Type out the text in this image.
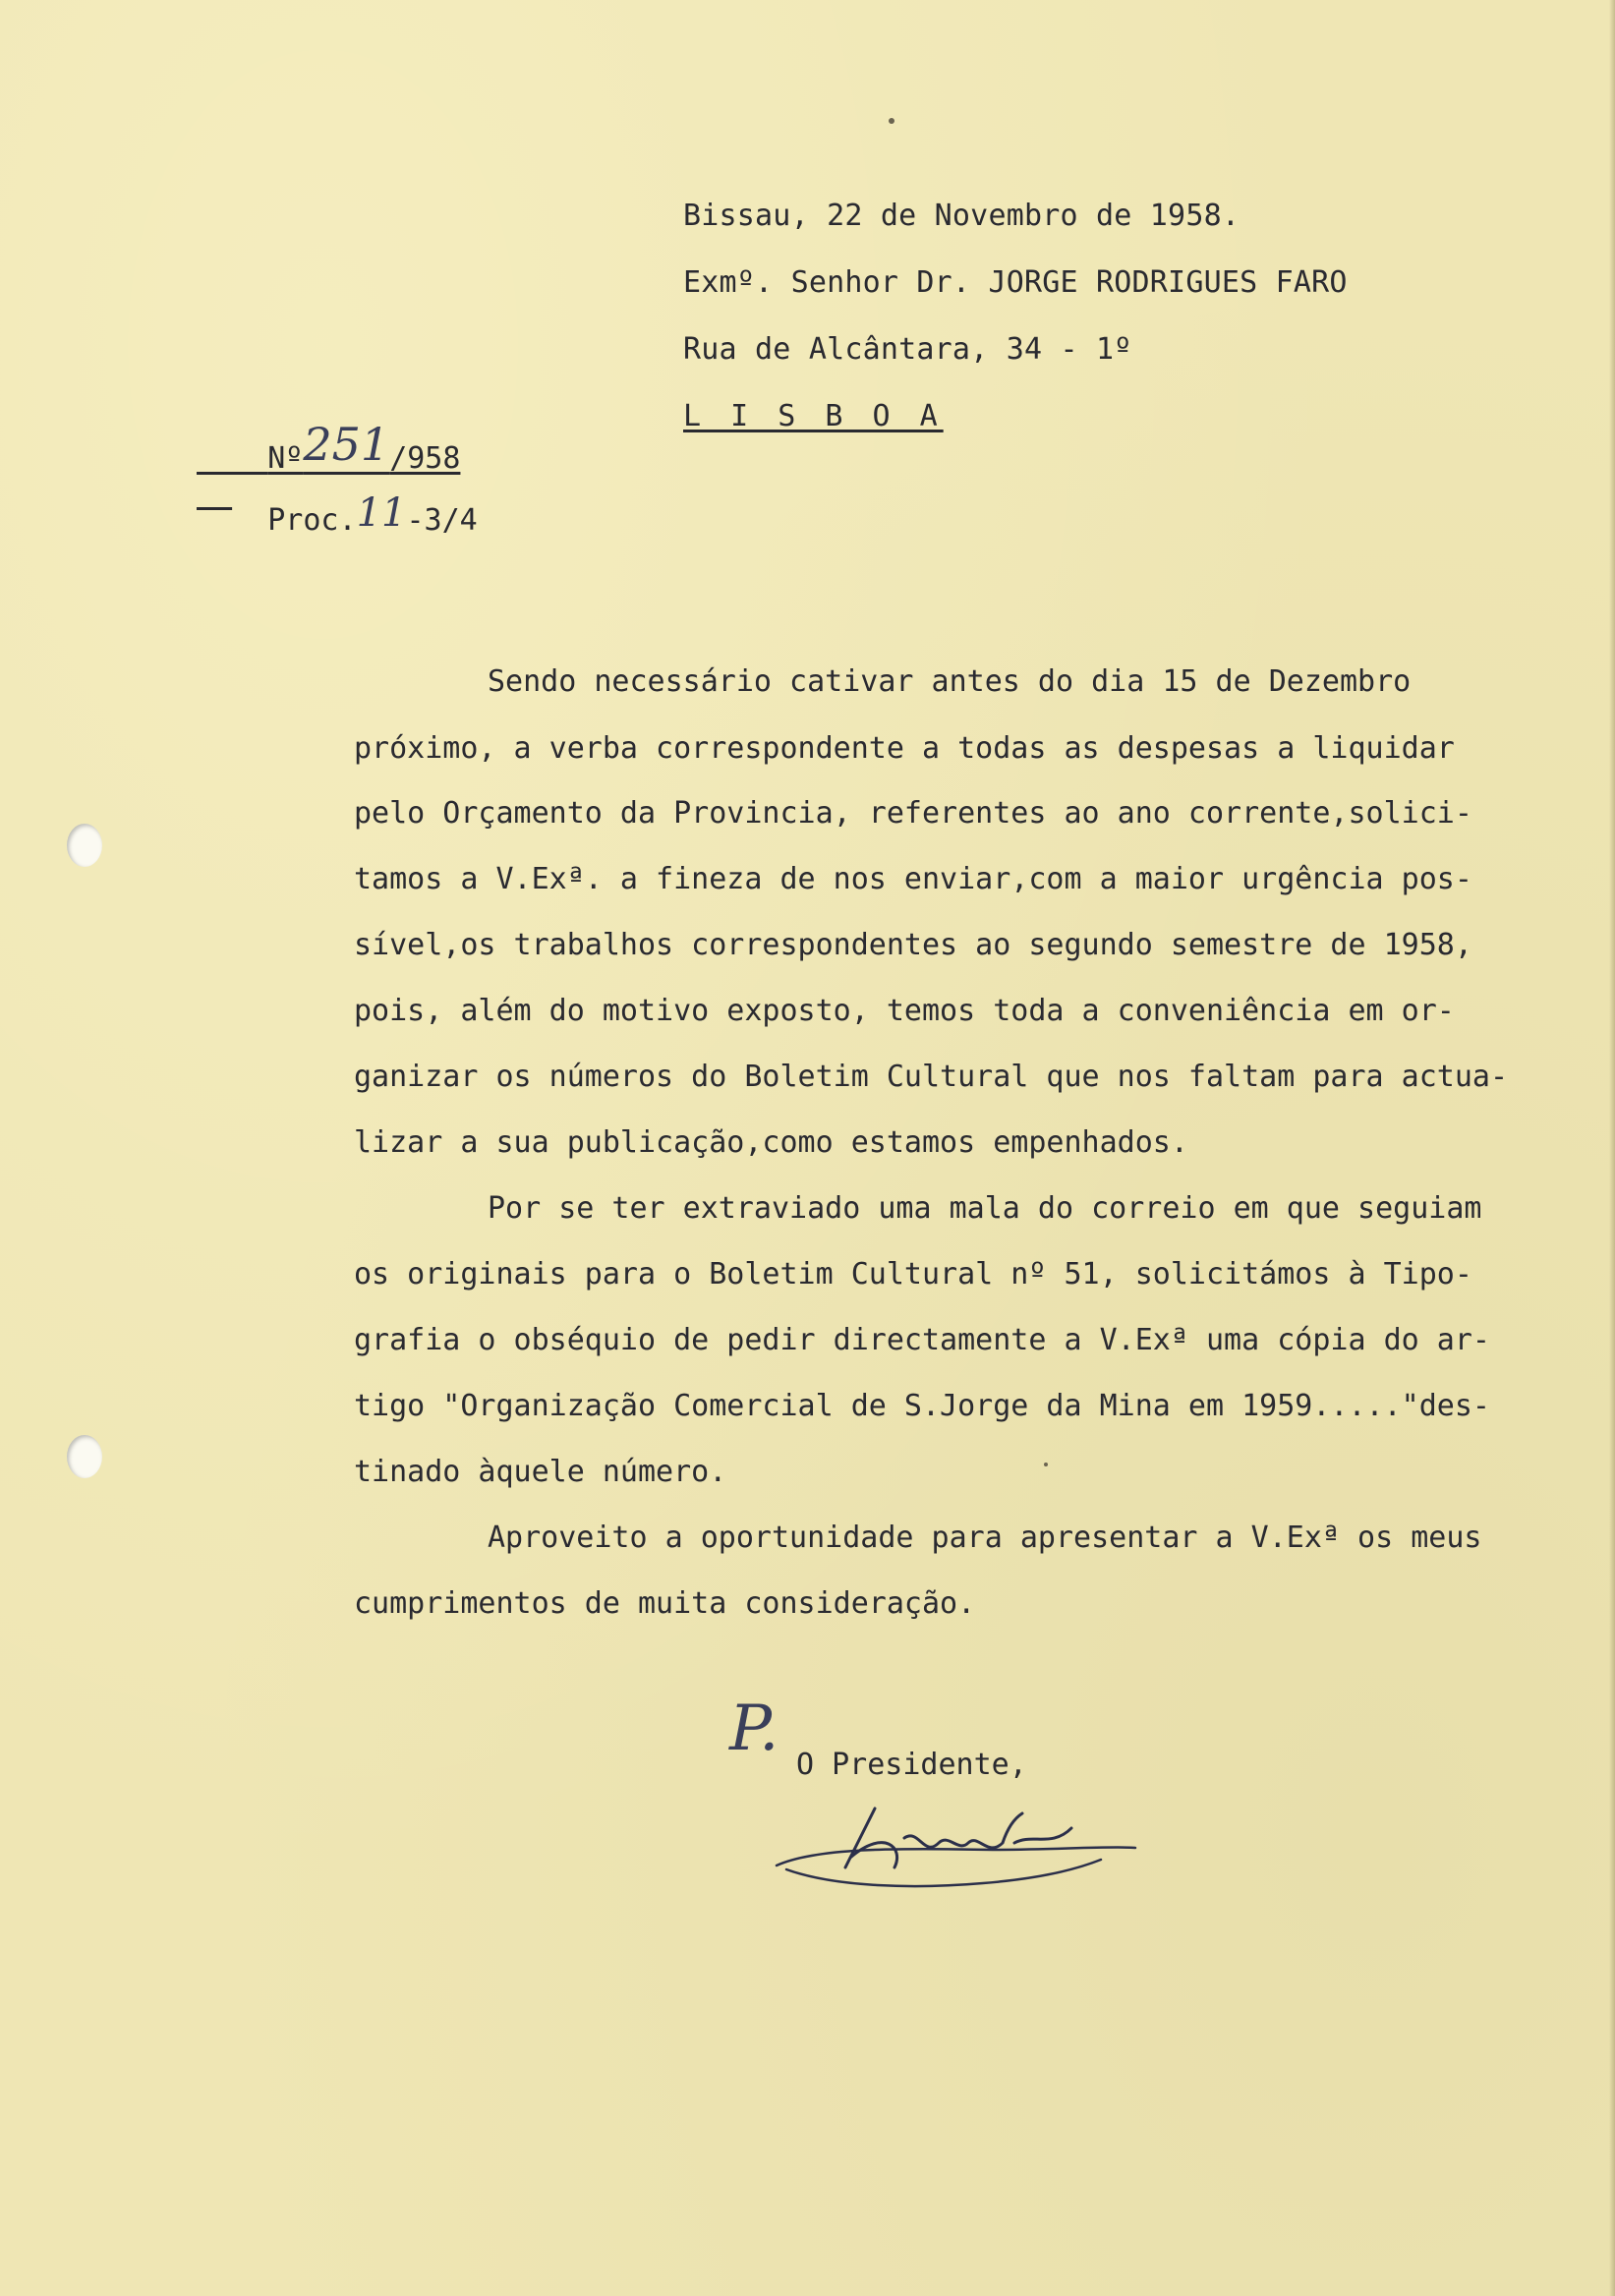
Bissau, 22 de Novembro de 1958.
Exmº. Senhor Dr. JORGE RODRIGUES FARO
Rua de Alcântara, 34 - 1º
L I S B O A

Nº251/958

Proc.11-3/4

Sendo necessário cativar antes do dia 15 de Dezembro
próximo, a verba correspondente a todas as despesas a liquidar
pelo Orçamento da Provincia, referentes ao ano corrente,solici-
tamos a V.Exª. a fineza de nos enviar,com a maior urgência pos-
sível,os trabalhos correspondentes ao segundo semestre de 1958,
pois, além do motivo exposto, temos toda a conveniência em or-
ganizar os números do Boletim Cultural que nos faltam para actua-
lizar a sua publicação,como estamos empenhados.
Por se ter extraviado uma mala do correio em que seguiam
os originais para o Boletim Cultural nº 51, solicitámos à Tipo-
grafia o obséquio de pedir directamente a V.Exª uma cópia do ar-
tigo "Organização Comercial de S.Jorge da Mina em 1959....."des-
tinado àquele número.
Aproveito a oportunidade para apresentar a V.Exª os meus
cumprimentos de muita consideração.
P. O Presidente,
